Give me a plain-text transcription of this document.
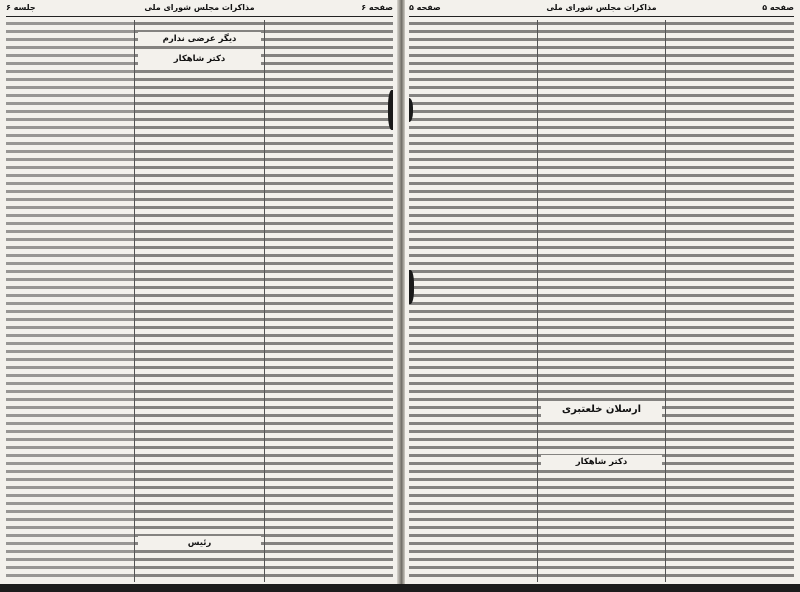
صفحه ۵
مذاکرات مجلس شورای ملی
صفحه ۵
ارسلان خلعتبری
دکتر شاهکار
صفحه ۶
مذاکرات مجلس شورای ملی
جلسه ۶
دیگر عرضی ندارم
دکتر شاهکار
رئیس
